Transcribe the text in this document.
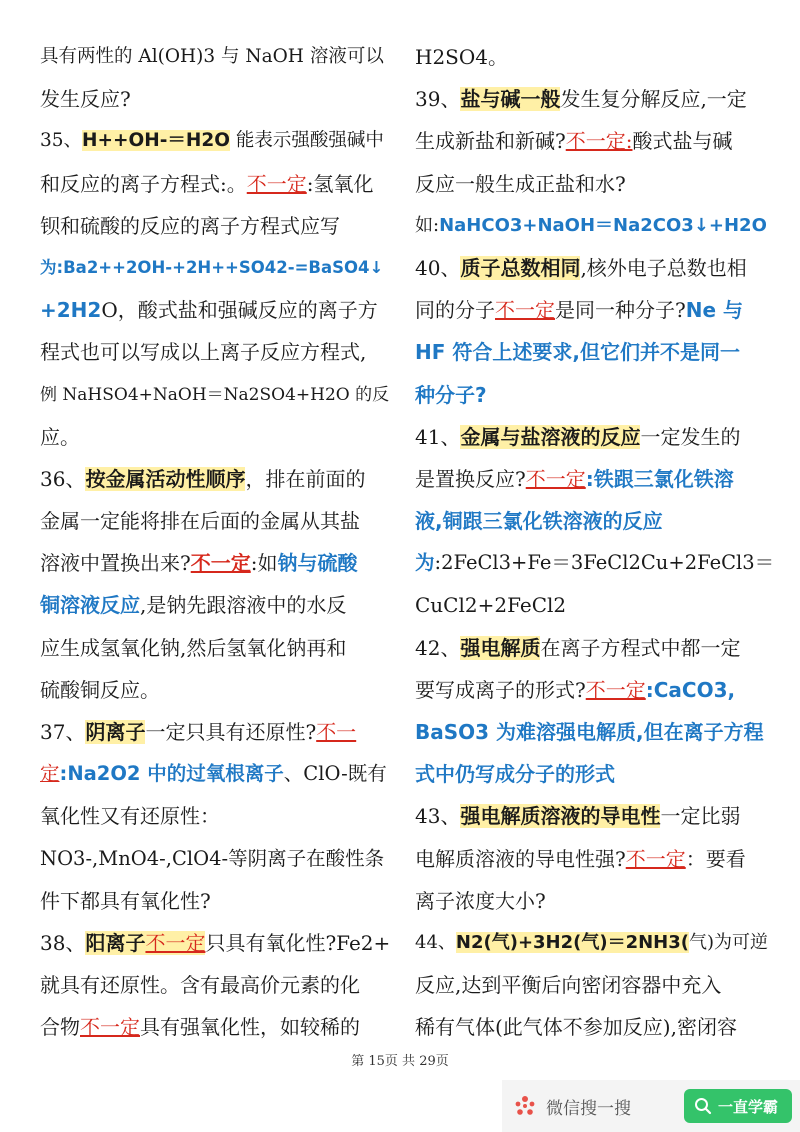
具有两性的 Al(OH)3 与 NaOH 溶液可以
发生反应?
35、H++OH-＝H2O 能表示强酸强碱中
和反应的离子方程式:。不一定:氢氧化
钡和硫酸的反应的离子方程式应写
为:Ba2++2OH-+2H++SO42-=BaSO4↓
+2H2O，酸式盐和强碱反应的离子方
程式也可以写成以上离子反应方程式,
例 NaHSO4+NaOH＝Na2SO4+H2O 的反
应。
36、按金属活动性顺序，排在前面的
金属一定能将排在后面的金属从其盐
溶液中置换出来?不一定:如钠与硫酸
铜溶液反应,是钠先跟溶液中的水反
应生成氢氧化钠,然后氢氧化钠再和
硫酸铜反应。
37、阴离子一定只具有还原性?不一
定:Na2O2 中的过氧根离子、ClO-既有
氧化性又有还原性：
NO3-,MnO4-,ClO4-等阴离子在酸性条
件下都具有氧化性?
38、阳离子不一定只具有氧化性?Fe2+
就具有还原性。含有最高价元素的化
合物不一定具有强氧化性，如较稀的
H2SO4。
39、盐与碱一般发生复分解反应,一定
生成新盐和新碱?不一定:酸式盐与碱
反应一般生成正盐和水?
如:NaHCO3+NaOH＝Na2CO3↓+H2O
40、质子总数相同,核外电子总数也相
同的分子不一定是同一种分子?Ne 与
HF 符合上述要求,但它们并不是同一
种分子?
41、金属与盐溶液的反应一定发生的
是置换反应?不一定:铁跟三氯化铁溶
液,铜跟三氯化铁溶液的反应
为:2FeCl3+Fe＝3FeCl2Cu+2FeCl3＝
CuCl2+2FeCl2
42、强电解质在离子方程式中都一定
要写成离子的形式?不一定:CaCO3,
BaSO3 为难溶强电解质,但在离子方程
式中仍写成分子的形式
43、强电解质溶液的导电性一定比弱
电解质溶液的导电性强?不一定：要看
离子浓度大小?
44、N2(气)+3H2(气)＝2NH3(气)为可逆
反应,达到平衡后向密闭容器中充入
稀有气体(此气体不参加反应),密闭容
第 15页 共 29页
微信搜一搜	一直学霸
